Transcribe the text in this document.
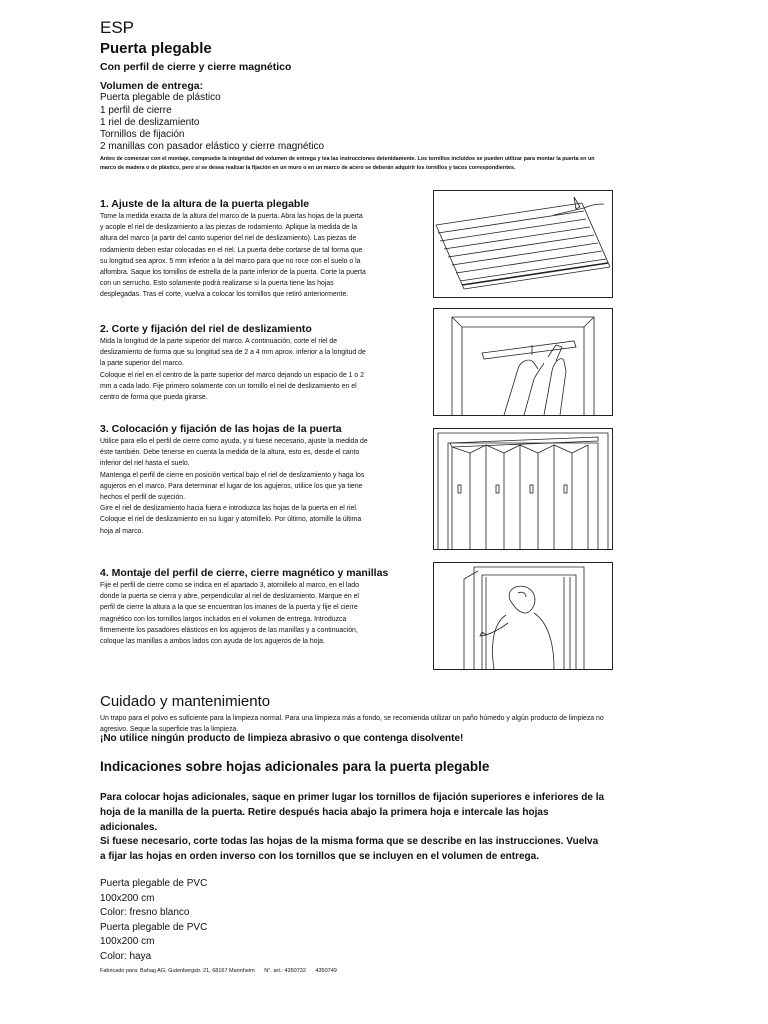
ESP
Puerta plegable
Con perfil de cierre y cierre magnético
Volumen de entrega:
Puerta plegable de plástico
1 perfil de cierre
1 riel de deslizamiento
Tornillos de fijación
2 manillas con pasador elástico y cierre magnético
Antes de comenzar con el montaje, compruebe la integridad del volumen de entrega y lea las instrucciones detenidamente. Los tornillos incluidos se pueden utilizar para montar la puerta en un marco de madera o de plástico, pero si se desea realizar la fijación en un muro o en un marco de acero se deberán adquirir los tornillos y tacos correspondientes.
1. Ajuste de la altura de la puerta plegable
Tome la medida exacta de la altura del marco de la puerta. Abra las hojas de la puerta
y acople el riel de deslizamiento a las piezas de rodamiento. Aplique la medida de la
altura del marco (a partir del canto superior del riel de deslizamiento). Las piezas de
rodamiento deben estar colocadas en el riel. La puerta debe cortarse de tal forma que
su longitud sea aprox. 5 mm inferior a la del marco para que no roce con el suelo o la
alfombra. Saque los tornillos de estrella de la parte inferior de la puerta. Corte la puerta
con un serrucho. Esto solamente podrá realizarse si la puerta tiene las hojas
desplegadas. Tras el corte, vuelva a colocar los tornillos que retiró anteriormente.
2. Corte y fijación del riel de deslizamiento
Mida la longitud de la parte superior del marco. A continuación, corte el riel de
deslizamiento de forma que su longitud sea de 2 a 4 mm aprox. inferior a la longitud de
la parte superior del marco.
Coloque el riel en el centro de la parte superior del marco dejando un espacio de 1 o 2
mm a cada lado. Fije primero solamente con un tornillo el riel de deslizamiento en el
centro de forma que pueda girarse.
3. Colocación y fijación de las hojas de la puerta
Utilice para ello el perfil de cierre como ayuda, y si fuese necesario, ajuste la medida de
éste también. Debe tenerse en cuenta la medida de la altura, esto es, desde el canto
inferior del riel hasta el suelo.
Mantenga el perfil de cierre en posición vertical bajo el riel de deslizamiento y haga los
agujeros en el marco. Para determinar el lugar de los agujeros, utilice los que ya tiene
hechos el perfil de sujeción.
Gire el riel de deslizamiento hacia fuera e introduzca las hojas de la puerta en el riel.
Coloque el riel de deslizamiento en su lugar y atorníllelo. Por último, atornille la última
hoja al marco.
4. Montaje del perfil de cierre, cierre magnético y manillas
Fije el perfil de cierre como se indica en el apartado 3, atornillelo al marco, en el lado
donde la puerta se cierra y abre, perpendicular al riel de deslizamiento. Marque en el
perfil de cierre la altura a la que se encuentran los imanes de la puerta y fije el cierre
magnético con los tornillos largos incluidos en el volumen de entrega. Introduzca
firmemente los pasadores elásticos en los agujeros de las manillas y a continuación,
coloque las manillas a ambos lados con ayuda de los agujeros de la hoja.
Cuidado y mantenimiento
Un trapo para el polvo es suficiente para la limpieza normal. Para una limpieza más a fondo, se recomienda utilizar un paño húmedo y algún producto de limpieza no agresivo. Seque la superficie tras la limpieza.
¡No utilice ningún producto de limpieza abrasivo o que contenga disolvente!
Indicaciones sobre hojas adicionales para la puerta plegable

Para colocar hojas adicionales, saque en primer lugar los tornillos de fijación superiores e inferiores de la hoja de la manilla de la puerta. Retire después hacia abajo la primera hoja e intercale las hojas adicionales.

Si fuese necesario, corte todas las hojas de la misma forma que se describe en las instrucciones. Vuelva a fijar las hojas en orden inverso con los tornillos que se incluyen en el volumen de entrega.

Puerta plegable de PVC
100x200 cm
Color: fresno blanco
Puerta plegable de PVC
100x200 cm
Color: haya
Fabricado para: Bahag AG, Gutenbergstr. 21, 68167 Mannheim N°. art.: 4350732 4350749
